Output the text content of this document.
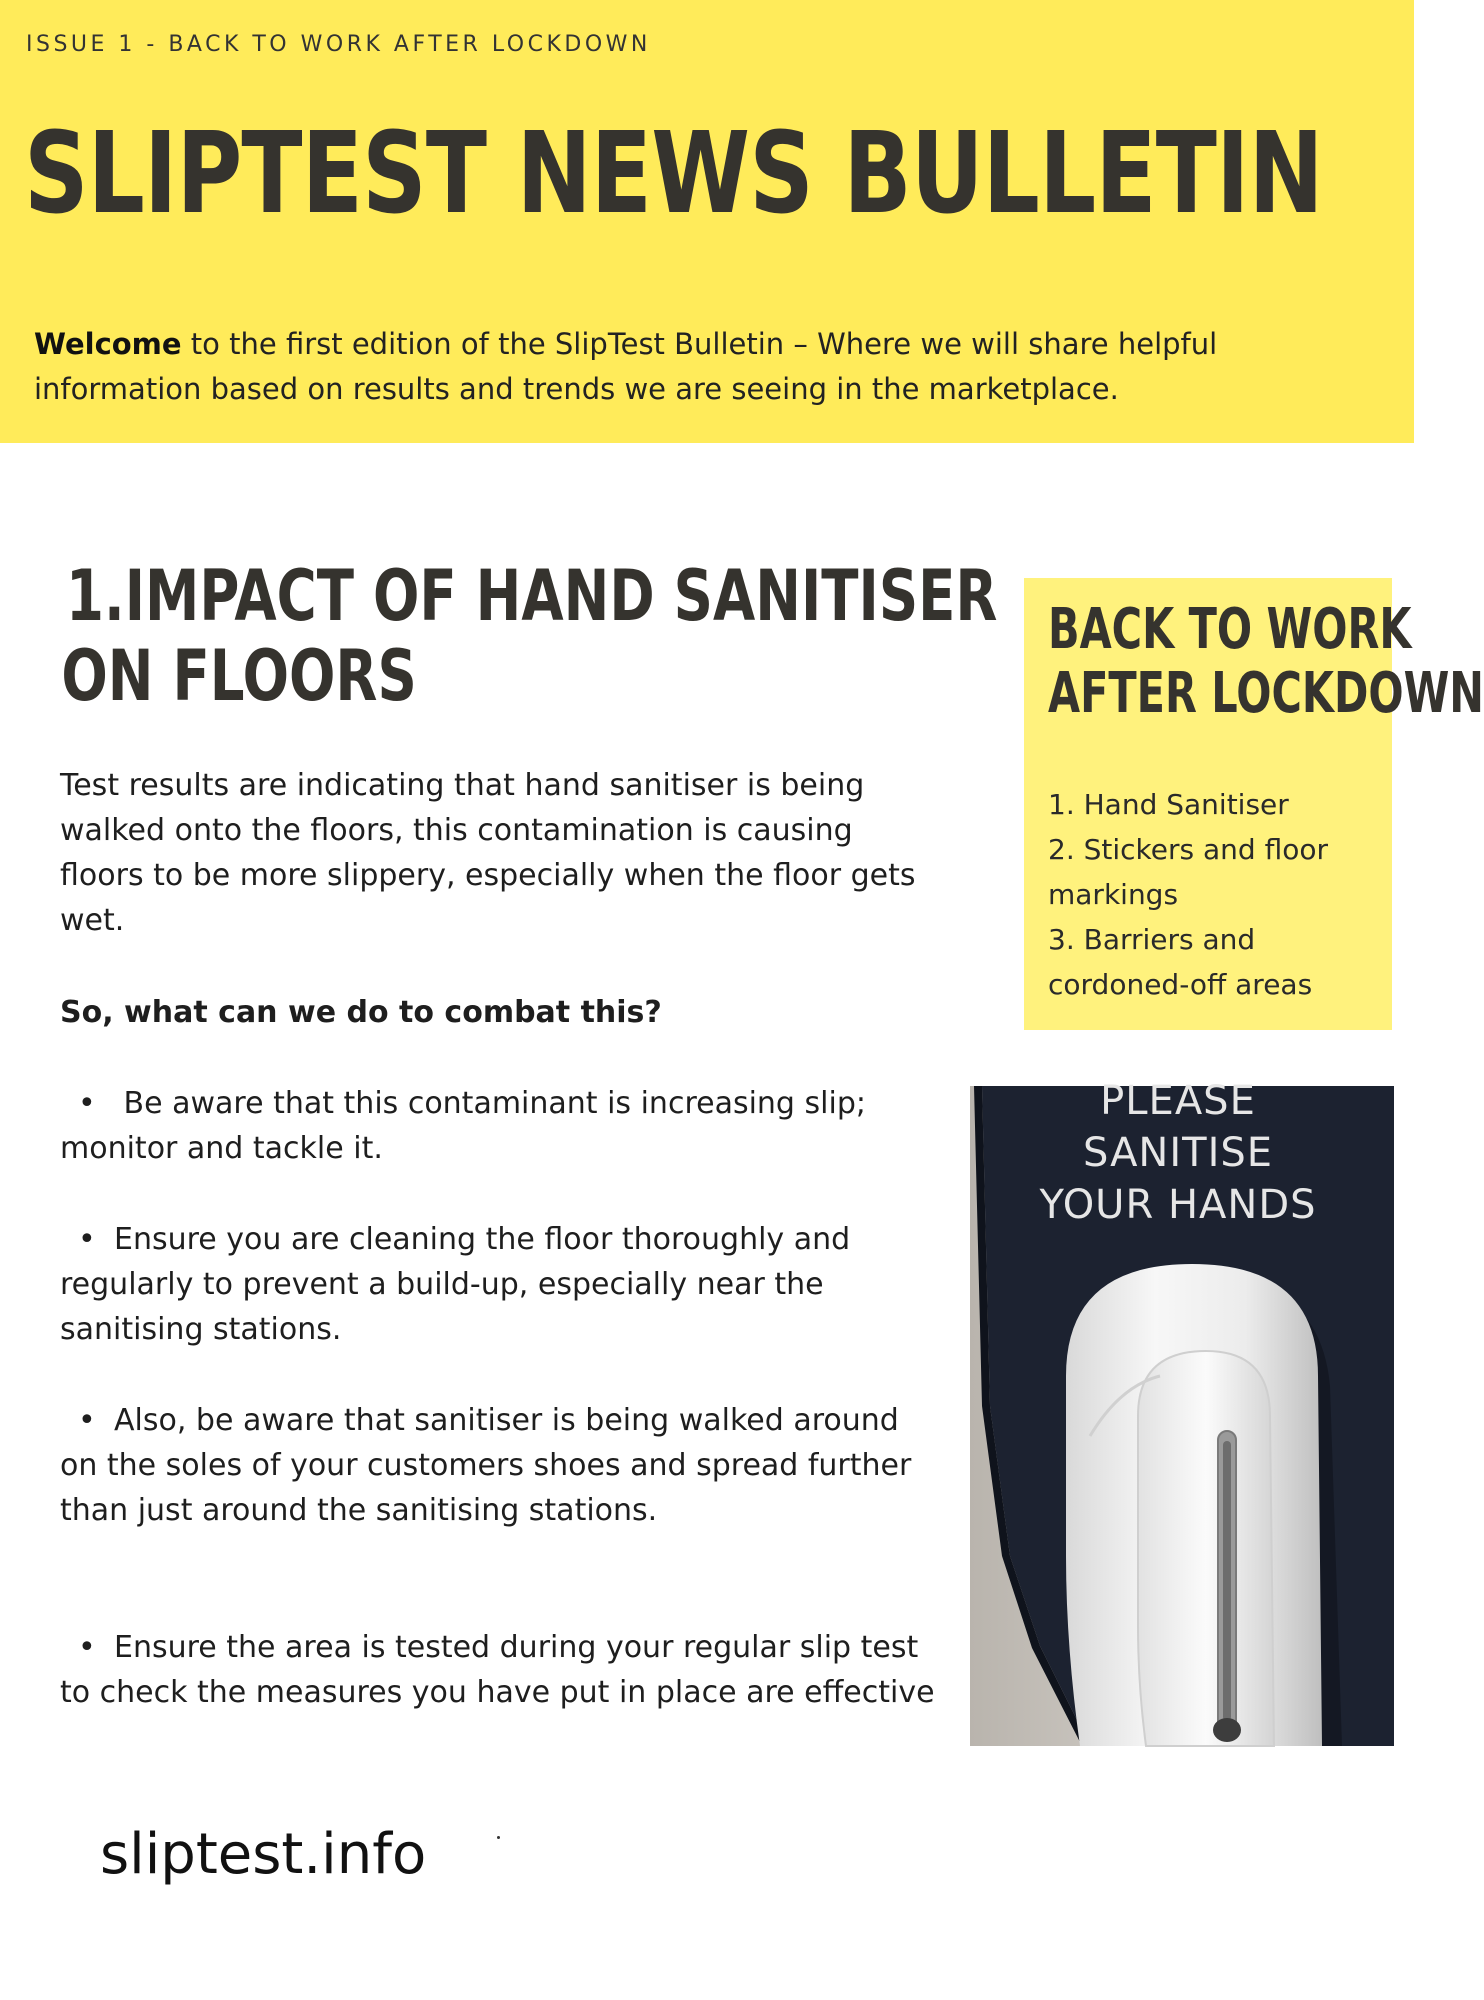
ISSUE 1 - BACK TO WORK AFTER LOCKDOWN
SLIPTEST NEWS BULLETIN
Welcome to the first edition of the SlipTest Bulletin – Where we will share helpful information based on results and trends we are seeing in the marketplace.
1.IMPACT OF HAND SANITISER
ON FLOORS
Test results are indicating that hand sanitiser is being walked onto the floors, this contamination is causing floors to be more slippery, especially when the floor gets wet.
So, what can we do to combat this?
• Be aware that this contaminant is increasing slip; monitor and tackle it.
• Ensure you are cleaning the floor thoroughly and regularly to prevent a build-up, especially near the sanitising stations.
• Also, be aware that sanitiser is being walked around on the soles of your customers shoes and spread further than just around the sanitising stations.
• Ensure the area is tested during your regular slip test to check the measures you have put in place are effective
sliptest.info
BACK TO WORK
AFTER LOCKDOWN
1. Hand Sanitiser
2. Stickers and floor markings
3. Barriers and cordoned-off areas
PLEASE
SANITISE
YOUR HANDS
